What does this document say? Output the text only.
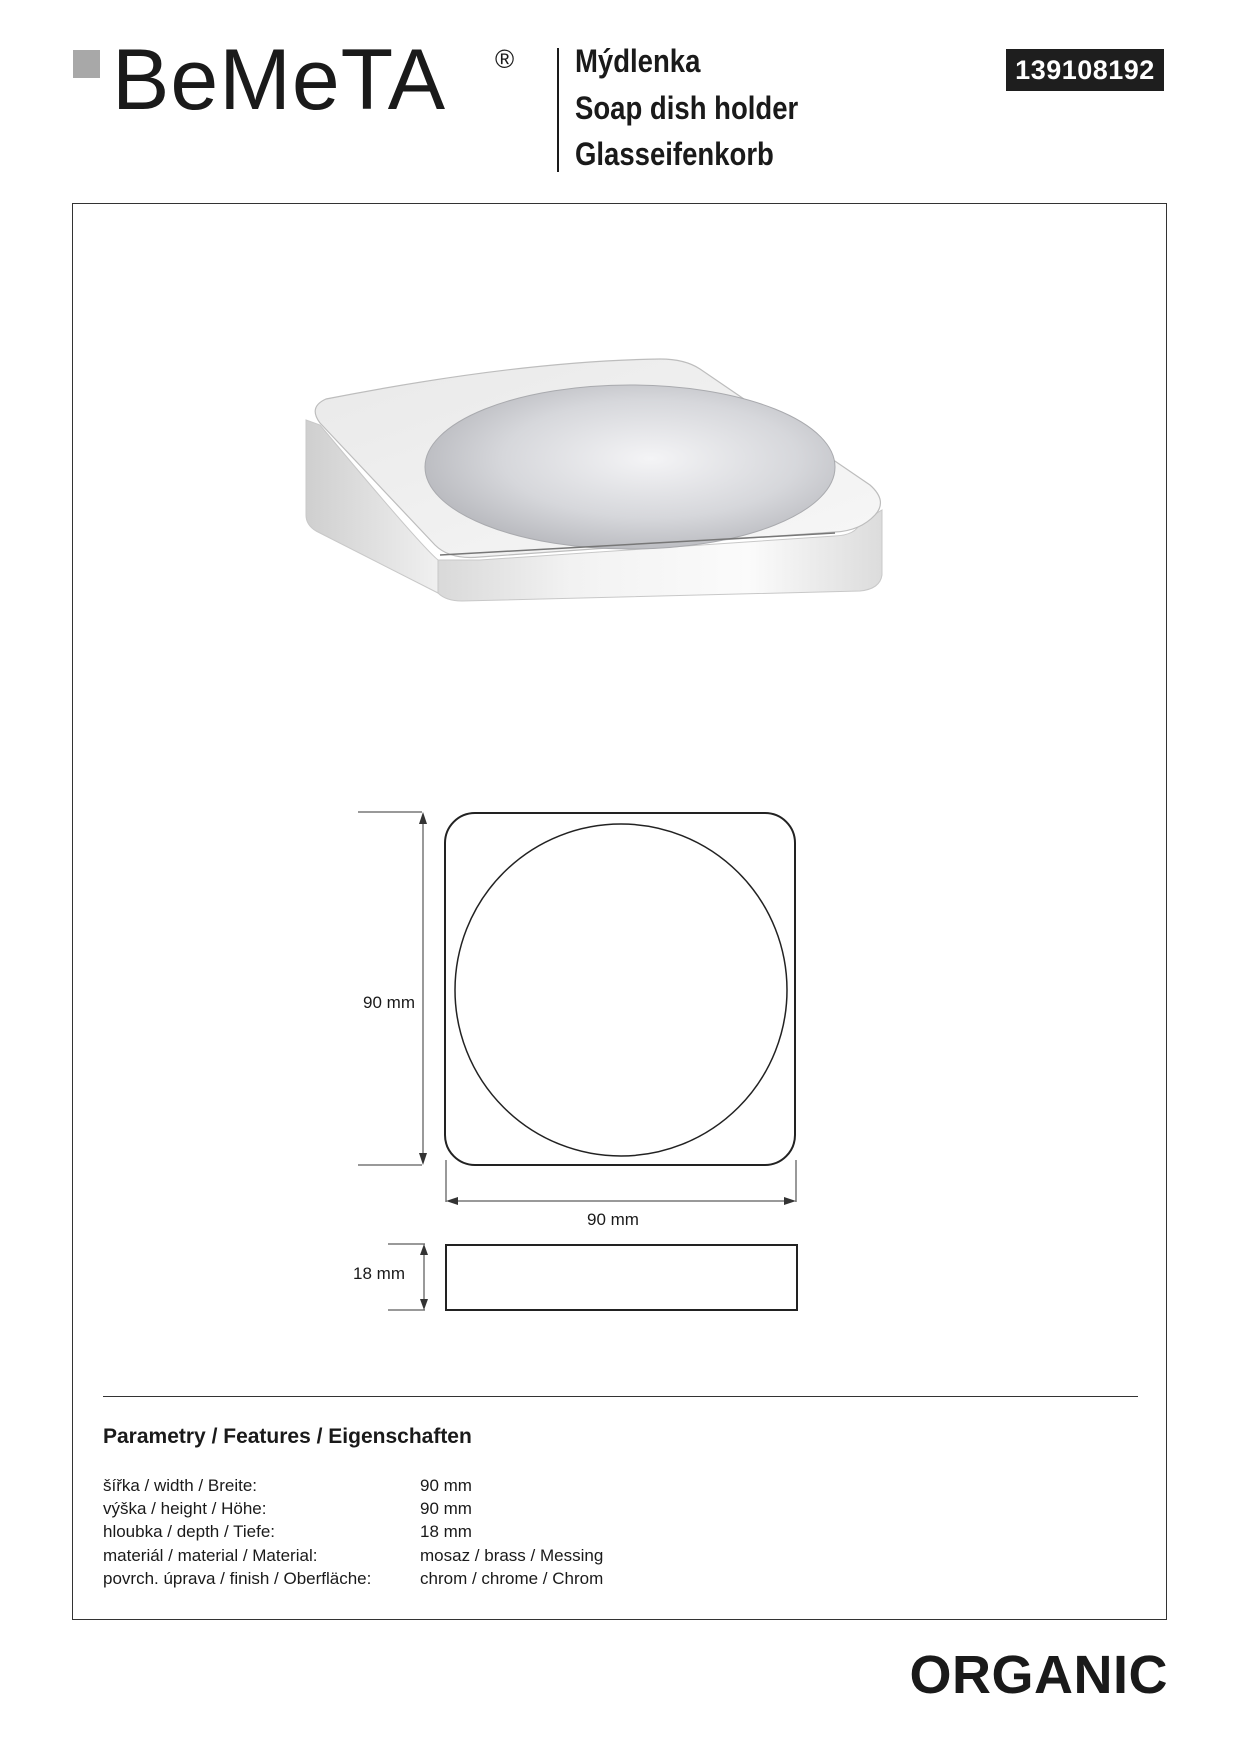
BeMeTA ® Mýdlenka
Soap dish holder
Glasseifenkorb
139108192
90 mm
90 mm
18 mm
Parametry / Features / Eigenschaften
šířka / width / Breite:	90 mm
výška / height / Höhe:	90 mm
hloubka / depth / Tiefe:	18 mm
materiál / material / Material:	mosaz / brass / Messing
povrch. úprava / finish / Oberfläche:	chrom / chrome / Chrom
ORGANIC
